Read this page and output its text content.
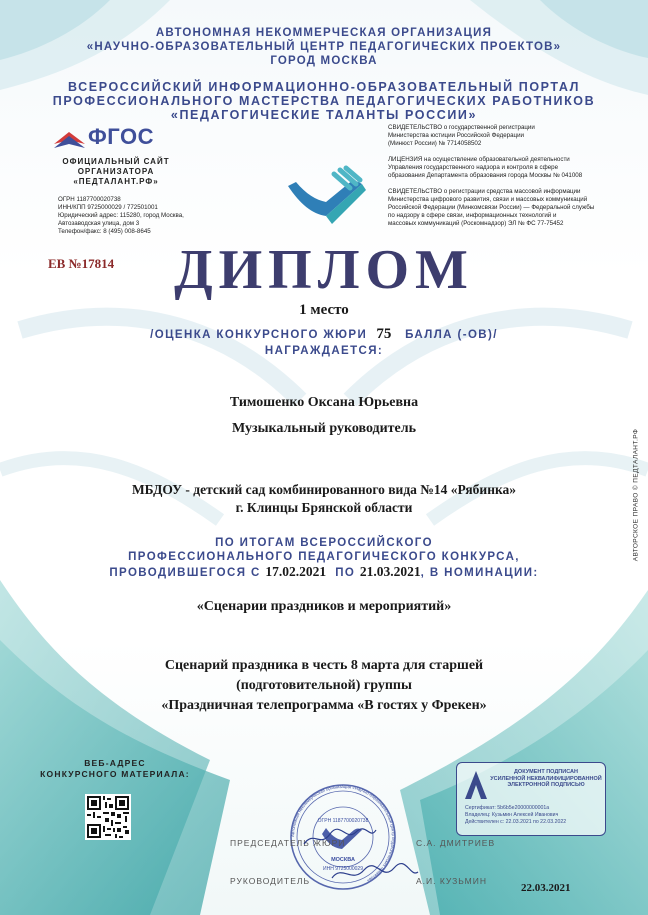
АВТОНОМНАЯ НЕКОММЕРЧЕСКАЯ ОРГАНИЗАЦИЯ
«НАУЧНО-ОБРАЗОВАТЕЛЬНЫЙ ЦЕНТР ПЕДАГОГИЧЕСКИХ ПРОЕКТОВ»
ГОРОД МОСКВА
ВСЕРОССИЙСКИЙ ИНФОРМАЦИОННО-ОБРАЗОВАТЕЛЬНЫЙ ПОРТАЛ
ПРОФЕССИОНАЛЬНОГО МАСТЕРСТВА ПЕДАГОГИЧЕСКИХ РАБОТНИКОВ
«ПЕДАГОГИЧЕСКИЕ ТАЛАНТЫ РОССИИ»
ФГОС
ОФИЦИАЛЬНЫЙ САЙТ
ОРГАНИЗАТОРА
«ПЕДТАЛАНТ.РФ»
ОГРН 1187700020738
ИНН/КПП 9725000029 / 772501001
Юридический адрес: 115280, город Москва,
Автозаводская улица, дом 3
Телефон/факс: 8 (495) 008-8645
СВИДЕТЕЛЬСТВО о государственной регистрации
Министерства юстиции Российской Федерации
(Минюст России) № 7714058502
ЛИЦЕНЗИЯ на осуществление образовательной деятельности
Управления государственного надзора и контроля в сфере
образования Департамента образования города Москвы № 041008
СВИДЕТЕЛЬСТВО о регистрации средства массовой информации
Министерства цифрового развития, связи и массовых коммуникаций
Российской Федерации (Минкомсвязи России) — Федеральной службы
по надзору в сфере связи, информационных технологий и
массовых коммуникаций (Роскомнадзор) ЭЛ № ФС 77-75452
ЕВ №17814	ДИПЛОМ
1 место
/ОЦЕНКА КОНКУРСНОГО ЖЮРИ 75 БАЛЛА (-ОВ)/
НАГРАЖДАЕТСЯ:
Тимошенко Оксана Юрьевна
Музыкальный руководитель
МБДОУ - детский сад комбинированного вида №14 «Рябинка»
г. Клинцы Брянской области
ПО ИТОГАМ ВСЕРОССИЙСКОГО
ПРОФЕССИОНАЛЬНОГО ПЕДАГОГИЧЕСКОГО КОНКУРСА,
ПРОВОДИВШЕГОСЯ С 17.02.2021 ПО 21.03.2021, В НОМИНАЦИИ:
«Сценарии праздников и мероприятий»
Сценарий праздника в честь 8 марта для старшей
(подготовительной) группы
«Праздничная телепрограмма «В гостях у Фрекен»
АВТОРСКОЕ ПРАВО © ПЕДТАЛАНТ.РФ
ВЕБ-АДРЕС
КОНКУРСНОГО МАТЕРИАЛА:
ОГРН 1187700020738
МОСКВА
ИНН 9725000029
Автономная некоммерческая организация «Научно-образовательный центр педагогических проектов»
ПРЕДСЕДАТЕЛЬ ЖЮРИ	С.А. ДМИТРИЕВ
РУКОВОДИТЕЛЬ	А.И. КУЗЬМИН
ДОКУМЕНТ ПОДПИСАН
УСИЛЕННОЙ НЕКВАЛИФИЦИРОВАННОЙ
ЭЛЕКТРОННОЙ ПОДПИСЬЮ
Сертификат: 5b6b5e20000000001a
Владелец: Кузьмин Алексей Иванович
Действителен с: 22.03.2021 по 22.03.2022
22.03.2021
